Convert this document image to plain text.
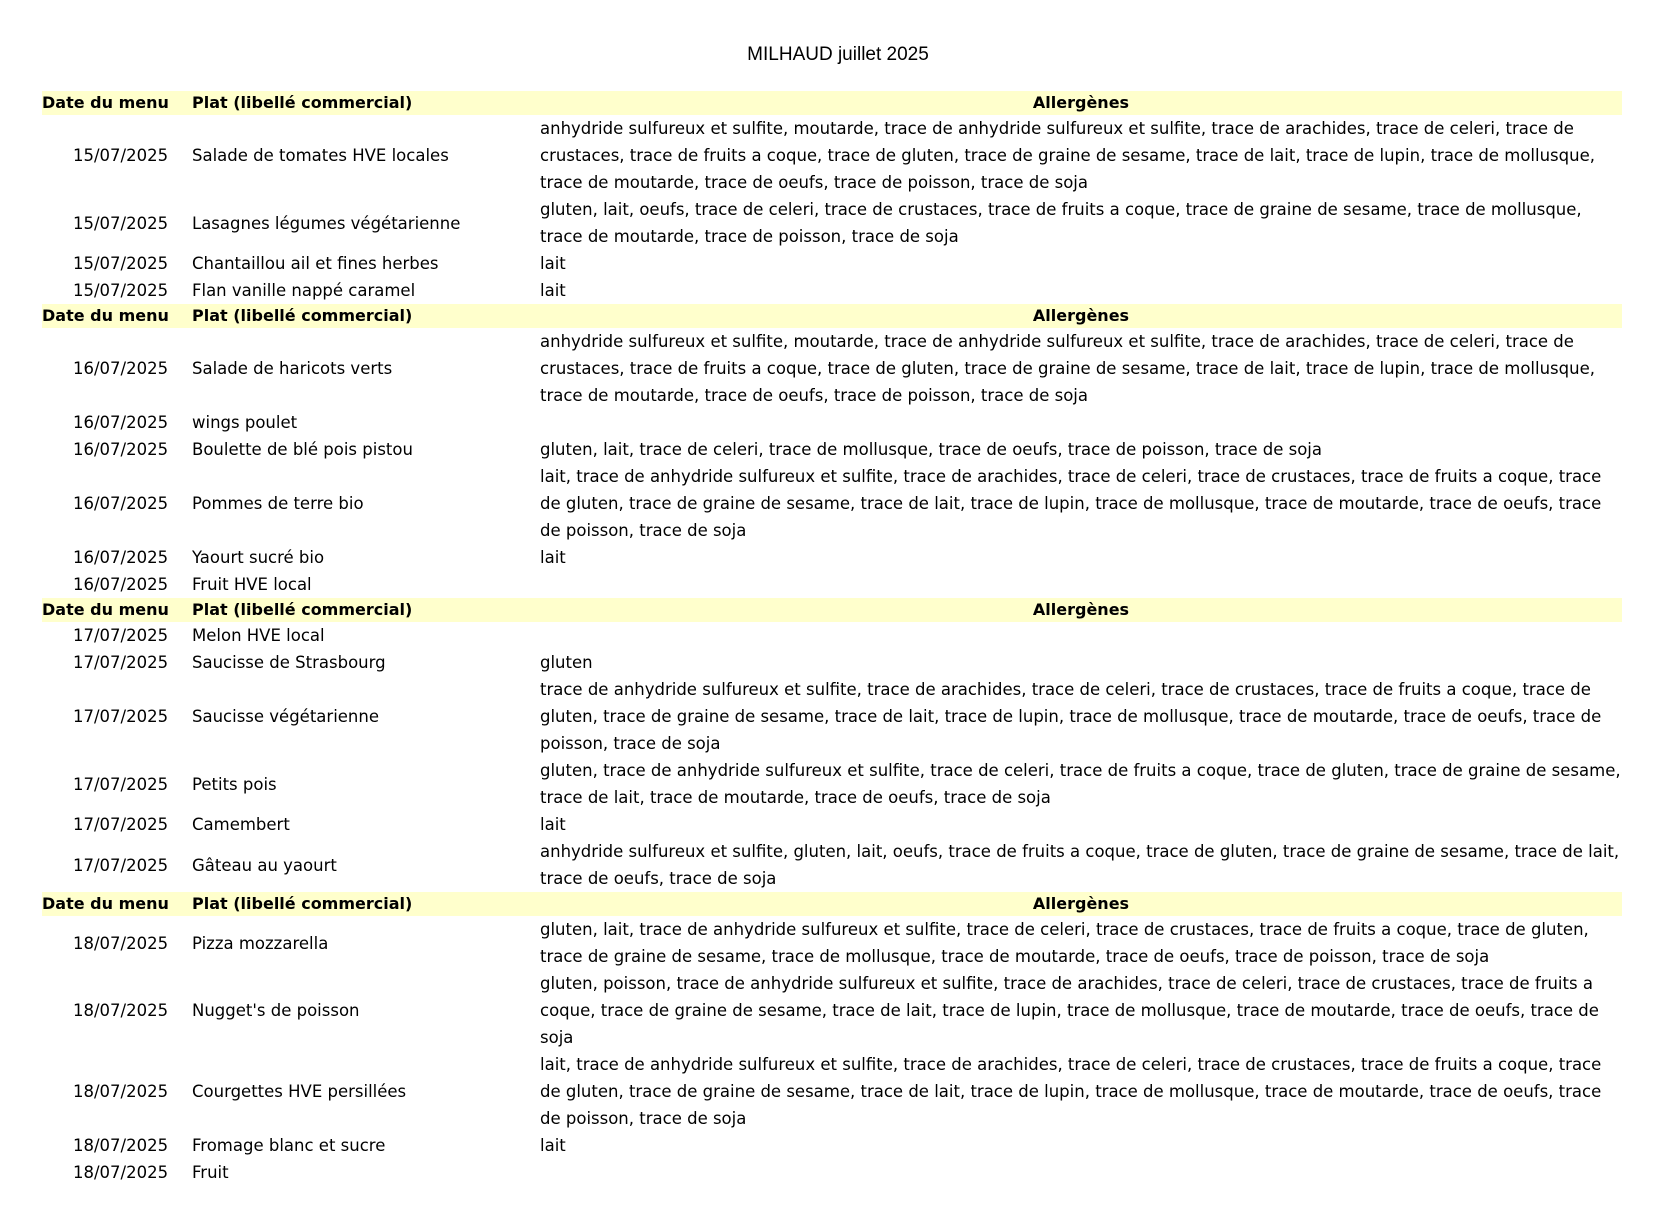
MILHAUD juillet 2025
Date du menu	Plat (libellé commercial)	Allergènes
15/07/2025	Salade de tomates HVE locales	anhydride sulfureux et sulfite, moutarde, trace de anhydride sulfureux et sulfite, trace de arachides, trace de celeri, trace de crustaces, trace de fruits a coque, trace de gluten, trace de graine de sesame, trace de lait, trace de lupin, trace de mollusque, trace de moutarde, trace de oeufs, trace de poisson, trace de soja
15/07/2025	Lasagnes légumes végétarienne	gluten, lait, oeufs, trace de celeri, trace de crustaces, trace de fruits a coque, trace de graine de sesame, trace de mollusque, trace de moutarde, trace de poisson, trace de soja
15/07/2025	Chantaillou ail et fines herbes	lait
15/07/2025	Flan vanille nappé caramel	lait
Date du menu	Plat (libellé commercial)	Allergènes
16/07/2025	Salade de haricots verts	anhydride sulfureux et sulfite, moutarde, trace de anhydride sulfureux et sulfite, trace de arachides, trace de celeri, trace de crustaces, trace de fruits a coque, trace de gluten, trace de graine de sesame, trace de lait, trace de lupin, trace de mollusque, trace de moutarde, trace de oeufs, trace de poisson, trace de soja
16/07/2025	wings poulet	
16/07/2025	Boulette de blé pois pistou	gluten, lait, trace de celeri, trace de mollusque, trace de oeufs, trace de poisson, trace de soja
16/07/2025	Pommes de terre bio	lait, trace de anhydride sulfureux et sulfite, trace de arachides, trace de celeri, trace de crustaces, trace de fruits a coque, trace de gluten, trace de graine de sesame, trace de lait, trace de lupin, trace de mollusque, trace de moutarde, trace de oeufs, trace de poisson, trace de soja
16/07/2025	Yaourt sucré bio	lait
16/07/2025	Fruit HVE local	
Date du menu	Plat (libellé commercial)	Allergènes
17/07/2025	Melon HVE local	
17/07/2025	Saucisse de Strasbourg	gluten
17/07/2025	Saucisse végétarienne	trace de anhydride sulfureux et sulfite, trace de arachides, trace de celeri, trace de crustaces, trace de fruits a coque, trace de gluten, trace de graine de sesame, trace de lait, trace de lupin, trace de mollusque, trace de moutarde, trace de oeufs, trace de poisson, trace de soja
17/07/2025	Petits pois	gluten, trace de anhydride sulfureux et sulfite, trace de celeri, trace de fruits a coque, trace de gluten, trace de graine de sesame, trace de lait, trace de moutarde, trace de oeufs, trace de soja
17/07/2025	Camembert	lait
17/07/2025	Gâteau au yaourt	anhydride sulfureux et sulfite, gluten, lait, oeufs, trace de fruits a coque, trace de gluten, trace de graine de sesame, trace de lait, trace de oeufs, trace de soja
Date du menu	Plat (libellé commercial)	Allergènes
18/07/2025	Pizza mozzarella	gluten, lait, trace de anhydride sulfureux et sulfite, trace de celeri, trace de crustaces, trace de fruits a coque, trace de gluten, trace de graine de sesame, trace de mollusque, trace de moutarde, trace de oeufs, trace de poisson, trace de soja
18/07/2025	Nugget's de poisson	gluten, poisson, trace de anhydride sulfureux et sulfite, trace de arachides, trace de celeri, trace de crustaces, trace de fruits a coque, trace de graine de sesame, trace de lait, trace de lupin, trace de mollusque, trace de moutarde, trace de oeufs, trace de soja
18/07/2025	Courgettes HVE persillées	lait, trace de anhydride sulfureux et sulfite, trace de arachides, trace de celeri, trace de crustaces, trace de fruits a coque, trace de gluten, trace de graine de sesame, trace de lait, trace de lupin, trace de mollusque, trace de moutarde, trace de oeufs, trace de poisson, trace de soja
18/07/2025	Fromage blanc et sucre	lait
18/07/2025	Fruit	
